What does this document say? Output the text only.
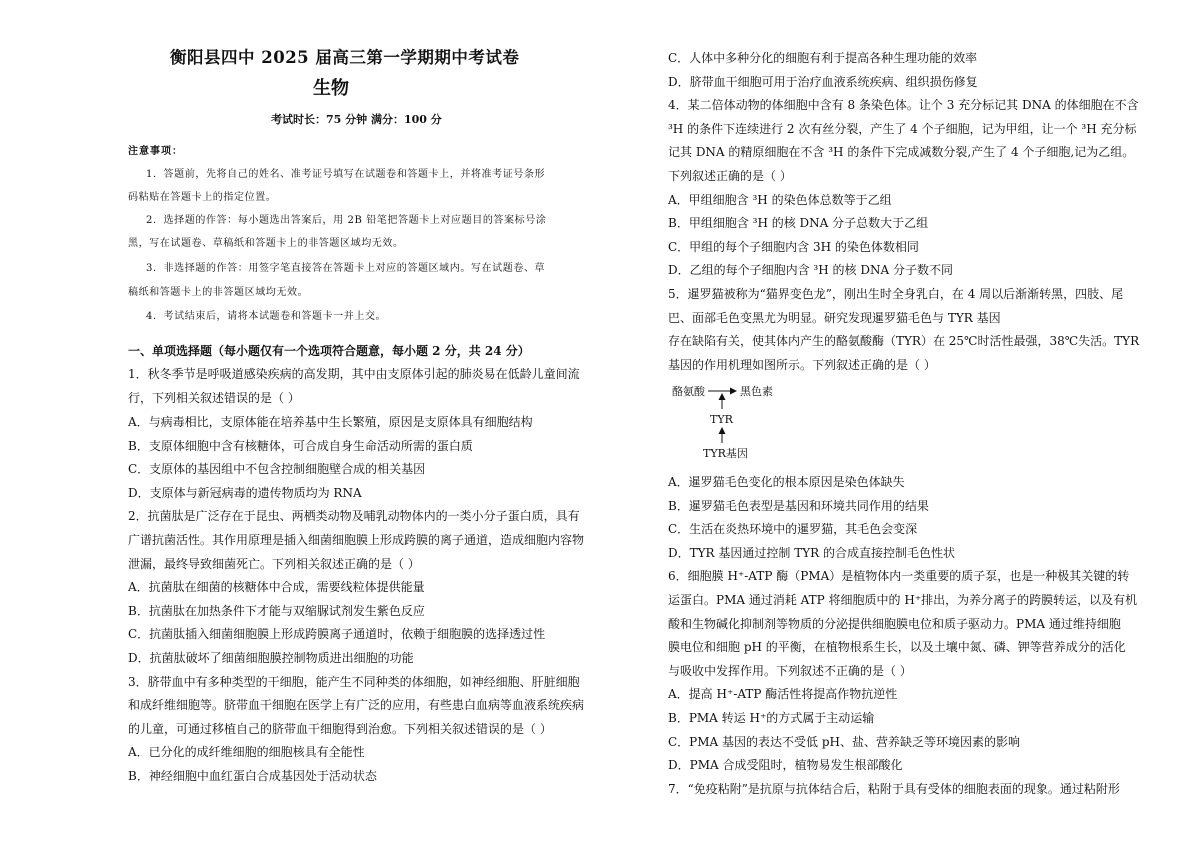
衡阳县四中 2025 届高三第一学期期中考试卷
生物
考试时长：75 分钟 满分：100 分
注意事项：
1．答题前，先将自己的姓名、准考证号填写在试题卷和答题卡上，并将准考证号条形
码粘贴在答题卡上的指定位置。
2．选择题的作答：每小题选出答案后，用 2B 铅笔把答题卡上对应题目的答案标号涂
黑，写在试题卷、草稿纸和答题卡上的非答题区域均无效。
3．非选择题的作答：用签字笔直接答在答题卡上对应的答题区域内。写在试题卷、草
稿纸和答题卡上的非答题区域均无效。
4．考试结束后，请将本试题卷和答题卡一并上交。
一、单项选择题（每小题仅有一个选项符合题意，每小题 2 分，共 24 分）
1．秋冬季节是呼吸道感染疾病的高发期，其中由支原体引起的肺炎易在低龄儿童间流
行，下列相关叙述错误的是（ ）
A．与病毒相比，支原体能在培养基中生长繁殖，原因是支原体具有细胞结构
B．支原体细胞中含有核糖体，可合成自身生命活动所需的蛋白质
C．支原体的基因组中不包含控制细胞壁合成的相关基因
D．支原体与新冠病毒的遗传物质均为 RNA
2．抗菌肽是广泛存在于昆虫、两栖类动物及哺乳动物体内的一类小分子蛋白质，具有
广谱抗菌活性。其作用原理是插入细菌细胞膜上形成跨膜的离子通道，造成细胞内容物
泄漏，最终导致细菌死亡。下列相关叙述正确的是（ ）
A．抗菌肽在细菌的核糖体中合成，需要线粒体提供能量
B．抗菌肽在加热条件下才能与双缩脲试剂发生紫色反应
C．抗菌肽插入细菌细胞膜上形成跨膜离子通道时，依赖于细胞膜的选择透过性
D．抗菌肽破坏了细菌细胞膜控制物质进出细胞的功能
3．脐带血中有多种类型的干细胞，能产生不同种类的体细胞，如神经细胞、肝脏细胞
和成纤维细胞等。脐带血干细胞在医学上有广泛的应用，有些患白血病等血液系统疾病
的儿童，可通过移植自己的脐带血干细胞得到治愈。下列相关叙述错误的是（ ）
A．已分化的成纤维细胞的细胞核具有全能性
B．神经细胞中血红蛋白合成基因处于活动状态
C．人体中多种分化的细胞有利于提高各种生理功能的效率
D．脐带血干细胞可用于治疗血液系统疾病、组织损伤修复
4．某二倍体动物的体细胞中含有 8 条染色体。让个 3 充分标记其 DNA 的体细胞在不含
³H 的条件下连续进行 2 次有丝分裂，产生了 4 个子细胞，记为甲组，让一个 ³H 充分标
记其 DNA 的精原细胞在不含 ³H 的条件下完成减数分裂,产生了 4 个子细胞,记为乙组。
下列叙述正确的是（ ）
A．甲组细胞含 ³H 的染色体总数等于乙组
B．甲组细胞含 ³H 的核 DNA 分子总数大于乙组
C．甲组的每个子细胞内含 3H 的染色体数相同
D．乙组的每个子细胞内含 ³H 的核 DNA 分子数不同
5．暹罗猫被称为“猫界变色龙”，刚出生时全身乳白，在 4 周以后渐渐转黑，四肢、尾
巴、面部毛色变黑尤为明显。研究发现暹罗猫毛色与 TYR 基因
存在缺陷有关，使其体内产生的酪氨酸酶（TYR）在 25℃时活性最强，38℃失活。TYR
基因的作用机理如图所示。下列叙述正确的是（ ）
酪氨酸	黑色素
TYR
TYR基因
A．暹罗猫毛色变化的根本原因是染色体缺失
B．暹罗猫毛色表型是基因和环境共同作用的结果
C．生活在炎热环境中的暹罗猫，其毛色会变深
D．TYR 基因通过控制 TYR 的合成直接控制毛色性状
6．细胞膜 H⁺-ATP 酶（PMA）是植物体内一类重要的质子泵，也是一种极其关键的转
运蛋白。PMA 通过消耗 ATP 将细胞质中的 H⁺排出，为养分离子的跨膜转运，以及有机
酸和生物碱化抑制剂等物质的分泌提供细胞膜电位和质子驱动力。PMA 通过维持细胞
膜电位和细胞 pH 的平衡，在植物根系生长，以及土壤中氮、磷、钾等营养成分的活化
与吸收中发挥作用。下列叙述不正确的是（ ）
A．提高 H⁺-ATP 酶活性将提高作物抗逆性
B．PMA 转运 H⁺的方式属于主动运输
C．PMA 基因的表达不受低 pH、盐、营养缺乏等环境因素的影响
D．PMA 合成受阻时，植物易发生根部酸化
7．“免疫粘附”是抗原与抗体结合后，粘附于具有受体的细胞表面的现象。通过粘附形
